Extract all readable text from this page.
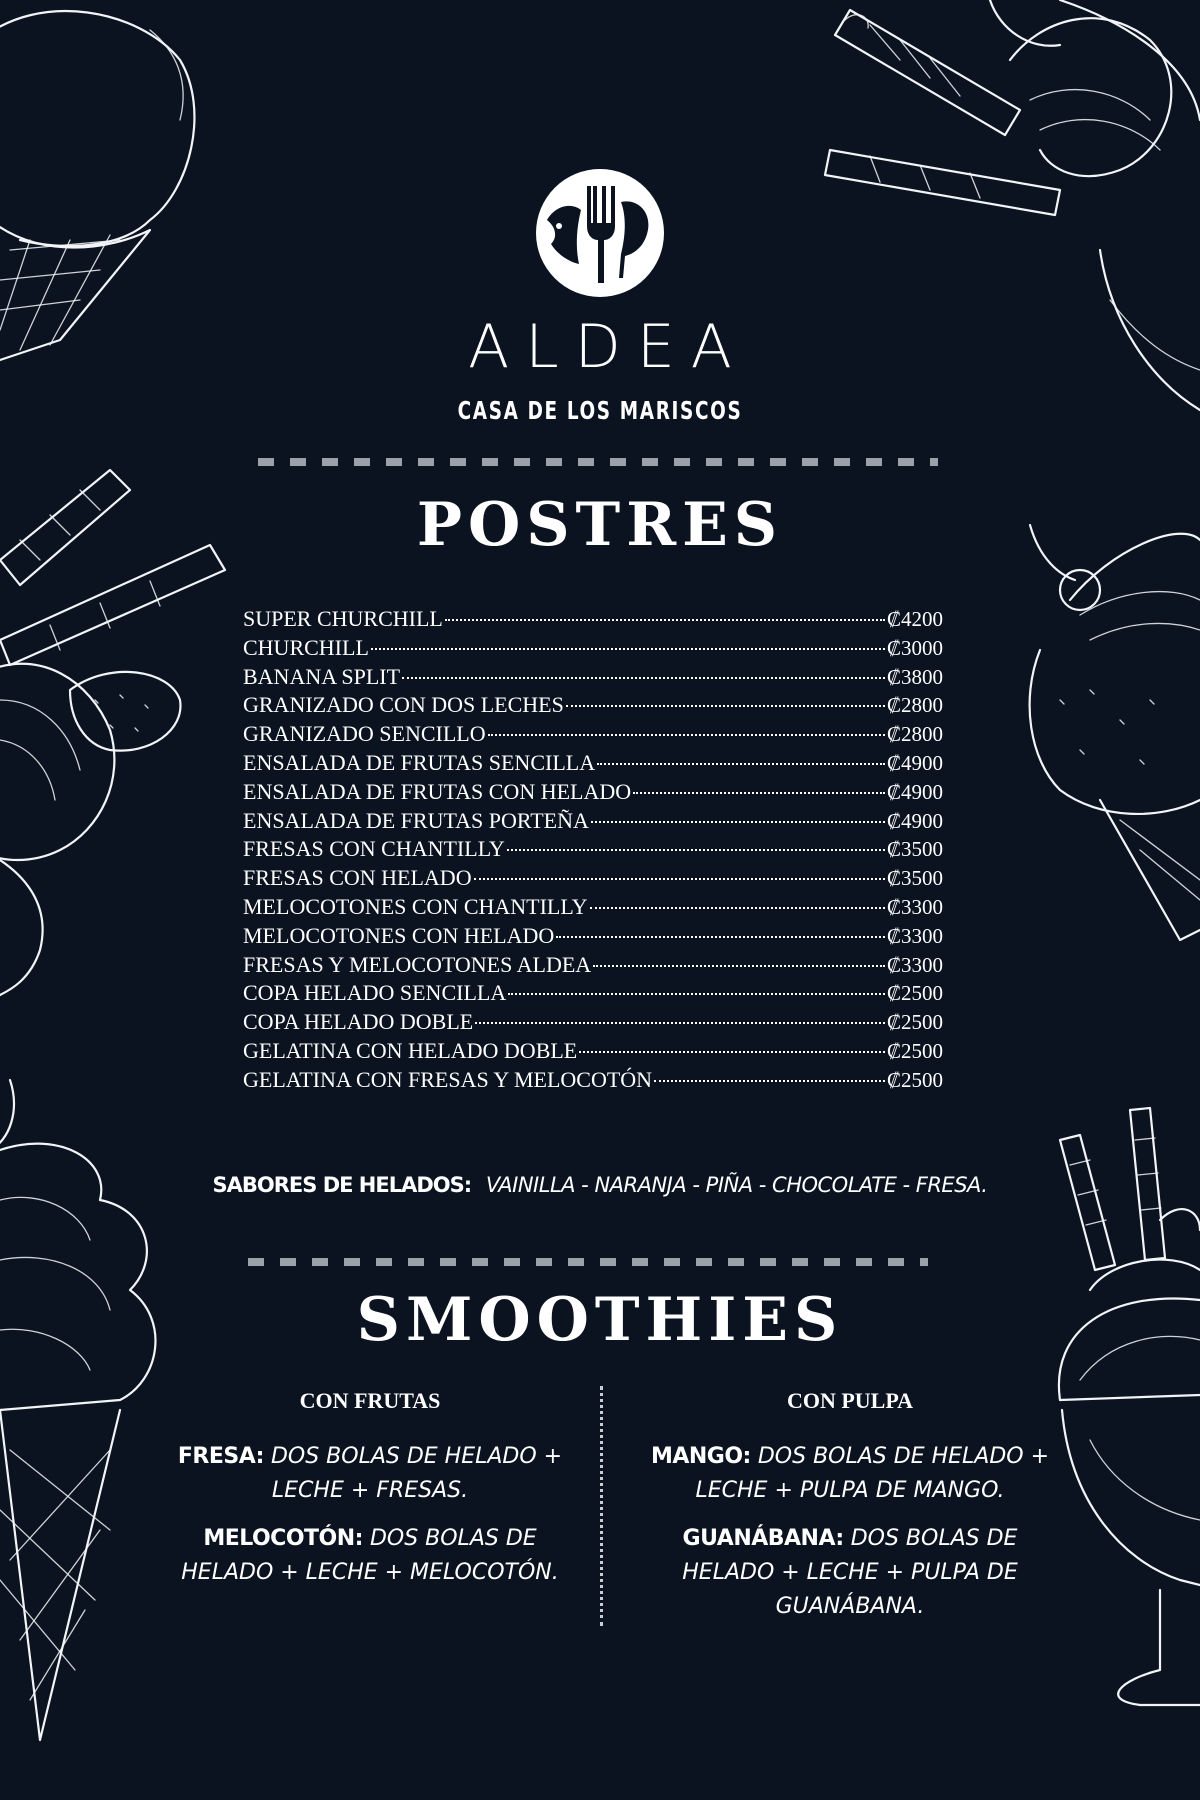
ALDEA
CASA DE LOS MARISCOS
POSTRES
SUPER CHURCHILL	₡4200
CHURCHILL	₡3000
BANANA SPLIT	₡3800
GRANIZADO CON DOS LECHES	₡2800
GRANIZADO SENCILLO	₡2800
ENSALADA DE FRUTAS SENCILLA	₡4900
ENSALADA DE FRUTAS CON HELADO	₡4900
ENSALADA DE FRUTAS PORTEÑA	₡4900
FRESAS CON CHANTILLY	₡3500
FRESAS CON HELADO	₡3500
MELOCOTONES CON CHANTILLY	₡3300
MELOCOTONES CON HELADO	₡3300
FRESAS Y MELOCOTONES ALDEA	₡3300
COPA HELADO SENCILLA	₡2500
COPA HELADO DOBLE	₡2500
GELATINA CON HELADO DOBLE	₡2500
GELATINA CON FRESAS Y MELOCOTÓN	₡2500
SABORES DE HELADOS: VAINILLA - NARANJA - PIÑA - CHOCOLATE - FRESA.
SMOOTHIES
CON FRUTAS
FRESA: DOS BOLAS DE HELADO + LECHE + FRESAS.
MELOCOTÓN: DOS BOLAS DE HELADO + LECHE + MELOCOTÓN.
CON PULPA
MANGO: DOS BOLAS DE HELADO + LECHE + PULPA DE MANGO.
GUANÁBANA: DOS BOLAS DE HELADO + LECHE + PULPA DE GUANÁBANA.
